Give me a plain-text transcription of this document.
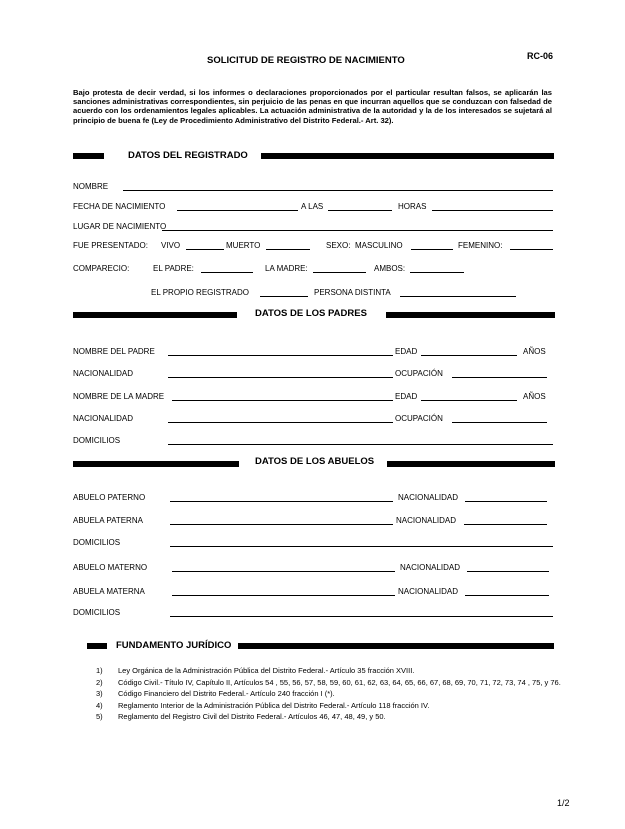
SOLICITUD DE REGISTRO DE NACIMIENTO	RC-06
Bajo protesta de decir verdad, si los informes o declaraciones proporcionados por el particular resultan falsos, se aplicarán las sanciones administrativas correspondientes, sin perjuicio de las penas en que incurran aquellos que se conduzcan con falsedad de acuerdo con los ordenamientos legales aplicables. La actuación administrativa de la autoridad y la de los interesados se sujetará al principio de buena fe (Ley de Procedimiento Administrativo del Distrito Federal.- Art. 32).
DATOS DEL REGISTRADO
NOMBRE
FECHA DE NACIMIENTO	A LAS	HORAS
LUGAR DE NACIMIENTO
FUE PRESENTADO: VIVO	MUERTO	SEXO: MASCULINO	FEMENINO:
COMPARECIO:	EL PADRE:	LA MADRE:	AMBOS:
EL PROPIO REGISTRADO	PERSONA DISTINTA
DATOS DE LOS PADRES
NOMBRE DEL PADRE	EDAD	AÑOS
NACIONALIDAD	OCUPACIÓN
NOMBRE DE LA MADRE	EDAD	AÑOS
NACIONALIDAD	OCUPACIÓN
DOMICILIOS
DATOS DE LOS ABUELOS
ABUELO PATERNO	NACIONALIDAD
ABUELA PATERNA	NACIONALIDAD
DOMICILIOS
ABUELO MATERNO	NACIONALIDAD
ABUELA MATERNA	NACIONALIDAD
DOMICILIOS
FUNDAMENTO JURÍDICO
1)	Ley Orgánica de la Administración Pública del Distrito Federal.- Artículo 35 fracción XVIII.
2)	Código Civil.- Título IV, Capítulo II, Artículos 54 , 55, 56, 57, 58, 59, 60, 61, 62, 63, 64, 65, 66, 67, 68, 69, 70, 71, 72, 73, 74 , 75, y 76.
3)	Código Financiero del Distrito Federal.- Artículo 240 fracción I (*).
4)	Reglamento Interior de la Administración Pública del Distrito Federal.- Artículo 118 fracción IV.
5)	Reglamento del Registro Civil del Distrito Federal.- Artículos 46, 47, 48, 49, y 50.
1/2
